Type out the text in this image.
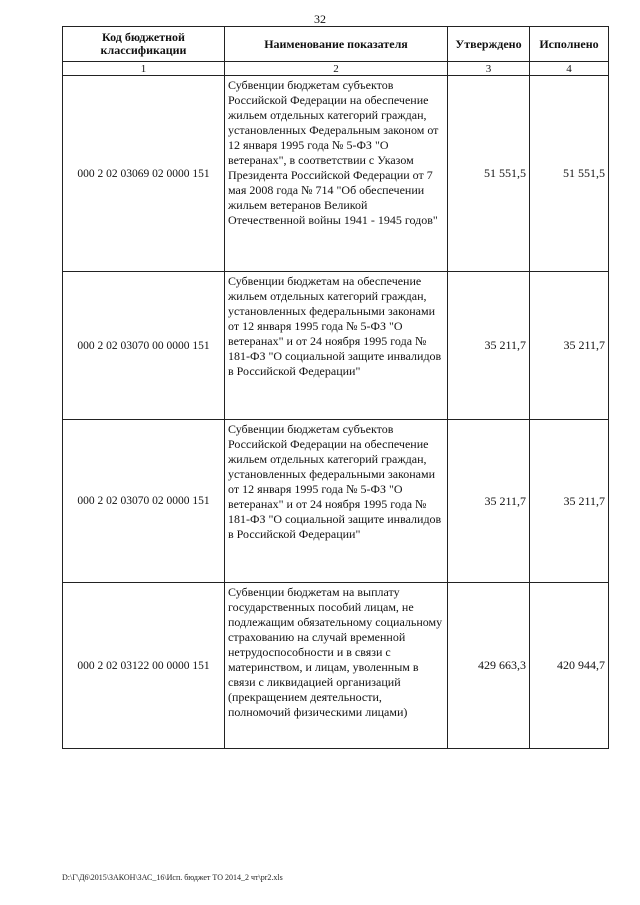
32
Код бюджетной классификации	Наименование показателя	Утверждено	Исполнено
1	2	3	4
000 2 02 03069 02 0000 151	Субвенции бюджетам субъектов Российской Федерации на обеспечение жильем отдельных категорий граждан, установленных Федеральным законом от 12 января 1995 года № 5-ФЗ "О ветеранах", в соответствии с Указом Президента Российской Федерации от 7 мая 2008 года № 714 "Об обеспечении жильем ветеранов Великой Отечественной войны 1941 - 1945 годов"	51 551,5	51 551,5
000 2 02 03070 00 0000 151	Субвенции бюджетам на обеспечение жильем отдельных категорий граждан, установленных федеральными законами от 12 января 1995 года № 5-ФЗ "О ветеранах" и от 24 ноября 1995 года № 181-ФЗ "О социальной защите инвалидов в Российской Федерации"	35 211,7	35 211,7
000 2 02 03070 02 0000 151	Субвенции бюджетам субъектов Российской Федерации на обеспечение жильем отдельных категорий граждан, установленных федеральными законами от 12 января 1995 года № 5-ФЗ "О ветеранах" и от 24 ноября 1995 года № 181-ФЗ "О социальной защите инвалидов в Российской Федерации"	35 211,7	35 211,7
000 2 02 03122 00 0000 151	Субвенции бюджетам на выплату государственных пособий лицам, не подлежащим обязательному социальному страхованию на случай временной нетрудоспособности и в связи с материнством, и лицам, уволенным в связи с ликвидацией организаций (прекращением деятельности, полномочий физическими лицами)	429 663,3	420 944,7
D:\Г\Д6\2015\ЗАКОН\ЗАС_16\Исп. бюджет ТО 2014_2 чт\pr2.xls
